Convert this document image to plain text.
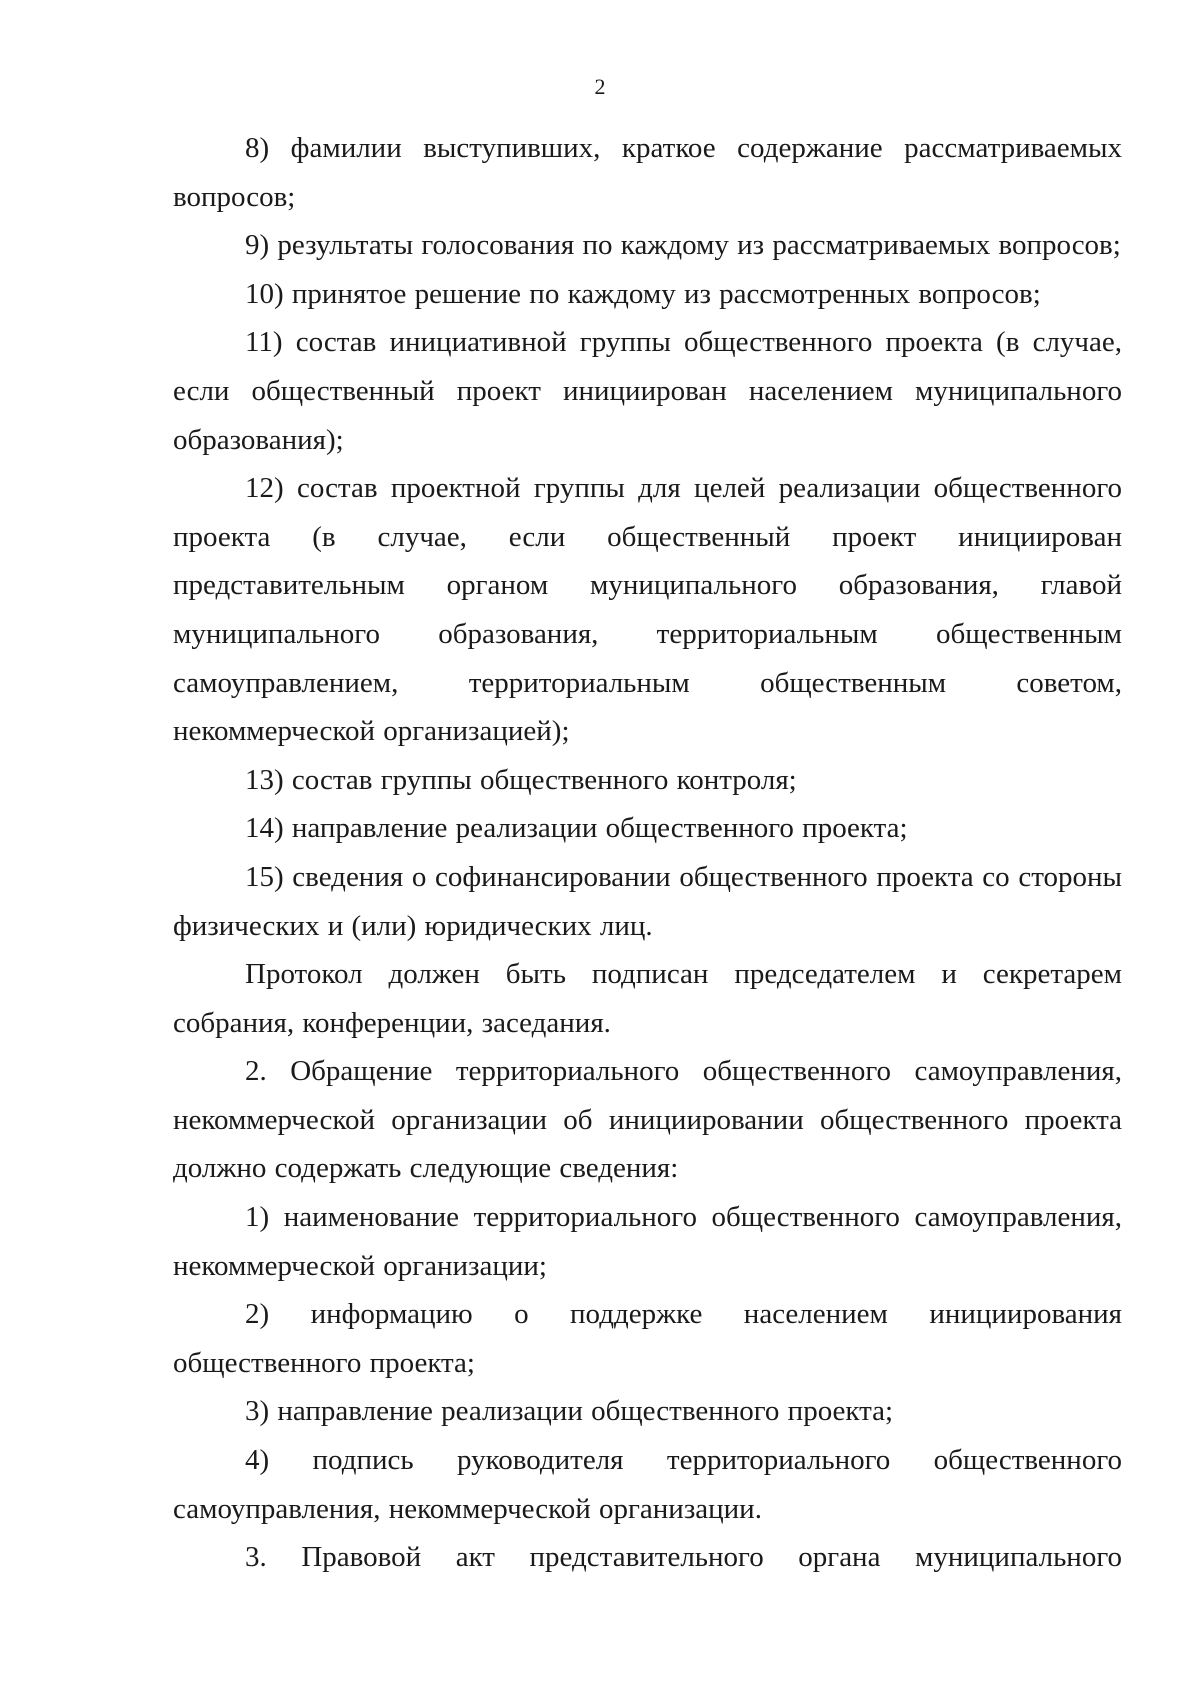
2

8) фамилии выступивших, краткое содержание рассматриваемых вопросов;

9) результаты голосования по каждому из рассматриваемых вопросов;

10) принятое решение по каждому из рассмотренных вопросов;

11) состав инициативной группы общественного проекта (в случае, если общественный проект инициирован населением муниципального образования);

12) состав проектной группы для целей реализации общественного проекта (в случае, если общественный проект инициирован представительным органом муниципального образования, главой муниципального образования, территориальным общественным самоуправлением, территориальным общественным советом, некоммерческой организацией);

13) состав группы общественного контроля;

14) направление реализации общественного проекта;

15) сведения о софинансировании общественного проекта со стороны физических и (или) юридических лиц.

Протокол должен быть подписан председателем и секретарем собрания, конференции, заседания.

2. Обращение территориального общественного самоуправления, некоммерческой организации об инициировании общественного проекта должно содержать следующие сведения:

1) наименование территориального общественного самоуправления, некоммерческой организации;

2) информацию о поддержке населением инициирования общественного проекта;

3) направление реализации общественного проекта;

4) подпись руководителя территориального общественного самоуправления, некоммерческой организации.

3. Правовой акт представительного органа муниципального
